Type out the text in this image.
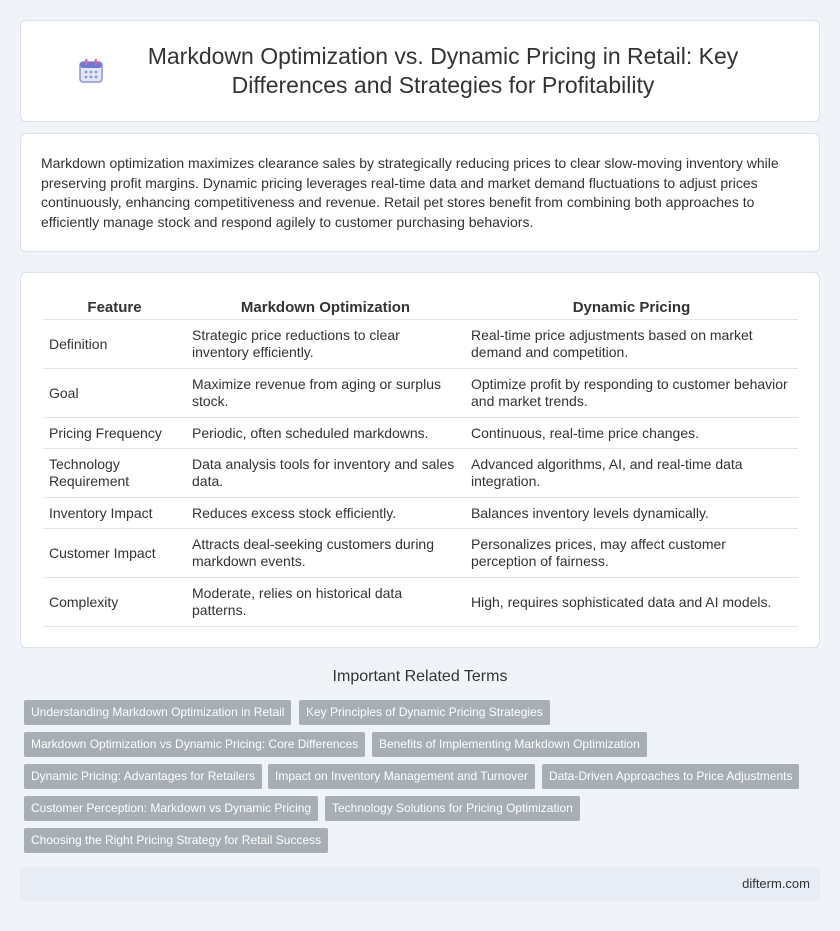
Markdown Optimization vs. Dynamic Pricing in Retail: Key Differences and Strategies for Profitability

Markdown optimization maximizes clearance sales by strategically reducing prices to clear slow-moving inventory while preserving profit margins. Dynamic pricing leverages real-time data and market demand fluctuations to adjust prices continuously, enhancing competitiveness and revenue. Retail pet stores benefit from combining both approaches to efficiently manage stock and respond agilely to customer purchasing behaviors.

Feature	Markdown Optimization	Dynamic Pricing
Definition	Strategic price reductions to clear inventory efficiently.	Real-time price adjustments based on market demand and competition.
Goal	Maximize revenue from aging or surplus stock.	Optimize profit by responding to customer behavior and market trends.
Pricing Frequency	Periodic, often scheduled markdowns.	Continuous, real-time price changes.
Technology Requirement	Data analysis tools for inventory and sales data.	Advanced algorithms, AI, and real-time data integration.
Inventory Impact	Reduces excess stock efficiently.	Balances inventory levels dynamically.
Customer Impact	Attracts deal-seeking customers during markdown events.	Personalizes prices, may affect customer perception of fairness.
Complexity	Moderate, relies on historical data patterns.	High, requires sophisticated data and AI models.
Important Related Terms
Understanding Markdown Optimization in Retail	Key Principles of Dynamic Pricing Strategies
Markdown Optimization vs Dynamic Pricing: Core Differences	Benefits of Implementing Markdown Optimization
Dynamic Pricing: Advantages for Retailers	Impact on Inventory Management and Turnover	Data-Driven Approaches to Price Adjustments
Customer Perception: Markdown vs Dynamic Pricing	Technology Solutions for Pricing Optimization
Choosing the Right Pricing Strategy for Retail Success
difterm.com
